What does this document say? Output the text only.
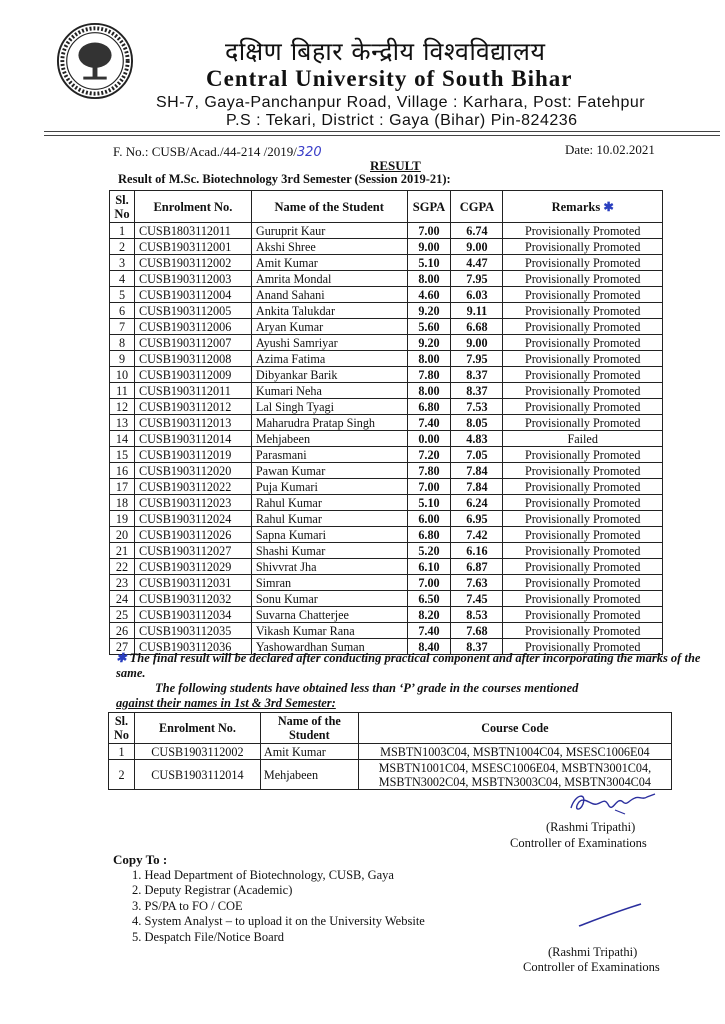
दक्षिण बिहार केन्द्रीय विश्वविद्यालय
Central University of South Bihar
SH-7, Gaya-Panchanpur Road, Village : Karhara, Post: Fatehpur
P.S : Tekari, District : Gaya (Bihar) Pin-824236
F. No.: CUSB/Acad./44-214 /2019/320	Date: 10.02.2021
RESULT
Result of M.Sc. Biotechnology 3rd Semester (Session 2019-21):
Sl. No	Enrolment No.	Name of the Student	SGPA	CGPA	Remarks ✱
1	CUSB1803112011	Guruprit Kaur	7.00	6.74	Provisionally Promoted
2	CUSB1903112001	Akshi Shree	9.00	9.00	Provisionally Promoted
3	CUSB1903112002	Amit Kumar	5.10	4.47	Provisionally Promoted
4	CUSB1903112003	Amrita Mondal	8.00	7.95	Provisionally Promoted
5	CUSB1903112004	Anand Sahani	4.60	6.03	Provisionally Promoted
6	CUSB1903112005	Ankita Talukdar	9.20	9.11	Provisionally Promoted
7	CUSB1903112006	Aryan Kumar	5.60	6.68	Provisionally Promoted
8	CUSB1903112007	Ayushi Samriyar	9.20	9.00	Provisionally Promoted
9	CUSB1903112008	Azima Fatima	8.00	7.95	Provisionally Promoted
10	CUSB1903112009	Dibyankar Barik	7.80	8.37	Provisionally Promoted
11	CUSB1903112011	Kumari Neha	8.00	8.37	Provisionally Promoted
12	CUSB1903112012	Lal Singh Tyagi	6.80	7.53	Provisionally Promoted
13	CUSB1903112013	Maharudra Pratap Singh	7.40	8.05	Provisionally Promoted
14	CUSB1903112014	Mehjabeen	0.00	4.83	Failed
15	CUSB1903112019	Parasmani	7.20	7.05	Provisionally Promoted
16	CUSB1903112020	Pawan Kumar	7.80	7.84	Provisionally Promoted
17	CUSB1903112022	Puja Kumari	7.00	7.84	Provisionally Promoted
18	CUSB1903112023	Rahul Kumar	5.10	6.24	Provisionally Promoted
19	CUSB1903112024	Rahul Kumar	6.00	6.95	Provisionally Promoted
20	CUSB1903112026	Sapna Kumari	6.80	7.42	Provisionally Promoted
21	CUSB1903112027	Shashi Kumar	5.20	6.16	Provisionally Promoted
22	CUSB1903112029	Shivvrat Jha	6.10	6.87	Provisionally Promoted
23	CUSB1903112031	Simran	7.00	7.63	Provisionally Promoted
24	CUSB1903112032	Sonu Kumar	6.50	7.45	Provisionally Promoted
25	CUSB1903112034	Suvarna Chatterjee	8.20	8.53	Provisionally Promoted
26	CUSB1903112035	Vikash Kumar Rana	7.40	7.68	Provisionally Promoted
27	CUSB1903112036	Yashowardhan Suman	8.40	8.37	Provisionally Promoted
✱ The final result will be declared after conducting practical component and after incorporating the marks of the same.
The following students have obtained less than ‘P’ grade in the courses mentioned
against their names in 1st & 3rd Semester:
Sl. No	Enrolment No.	Name of the Student	Course Code
1	CUSB1903112002	Amit Kumar	MSBTN1003C04, MSBTN1004C04, MSESC1006E04
2	CUSB1903112014	Mehjabeen	MSBTN1001C04, MSESC1006E04, MSBTN3001C04,
MSBTN3002C04, MSBTN3003C04, MSBTN3004C04
(Rashmi Tripathi)
Controller of Examinations
Copy To :
1. Head Department of Biotechnology, CUSB, Gaya
2. Deputy Registrar (Academic)
3. PS/PA to FO / COE
4. System Analyst – to upload it on the University Website
5. Despatch File/Notice Board
(Rashmi Tripathi)
Controller of Examinations
